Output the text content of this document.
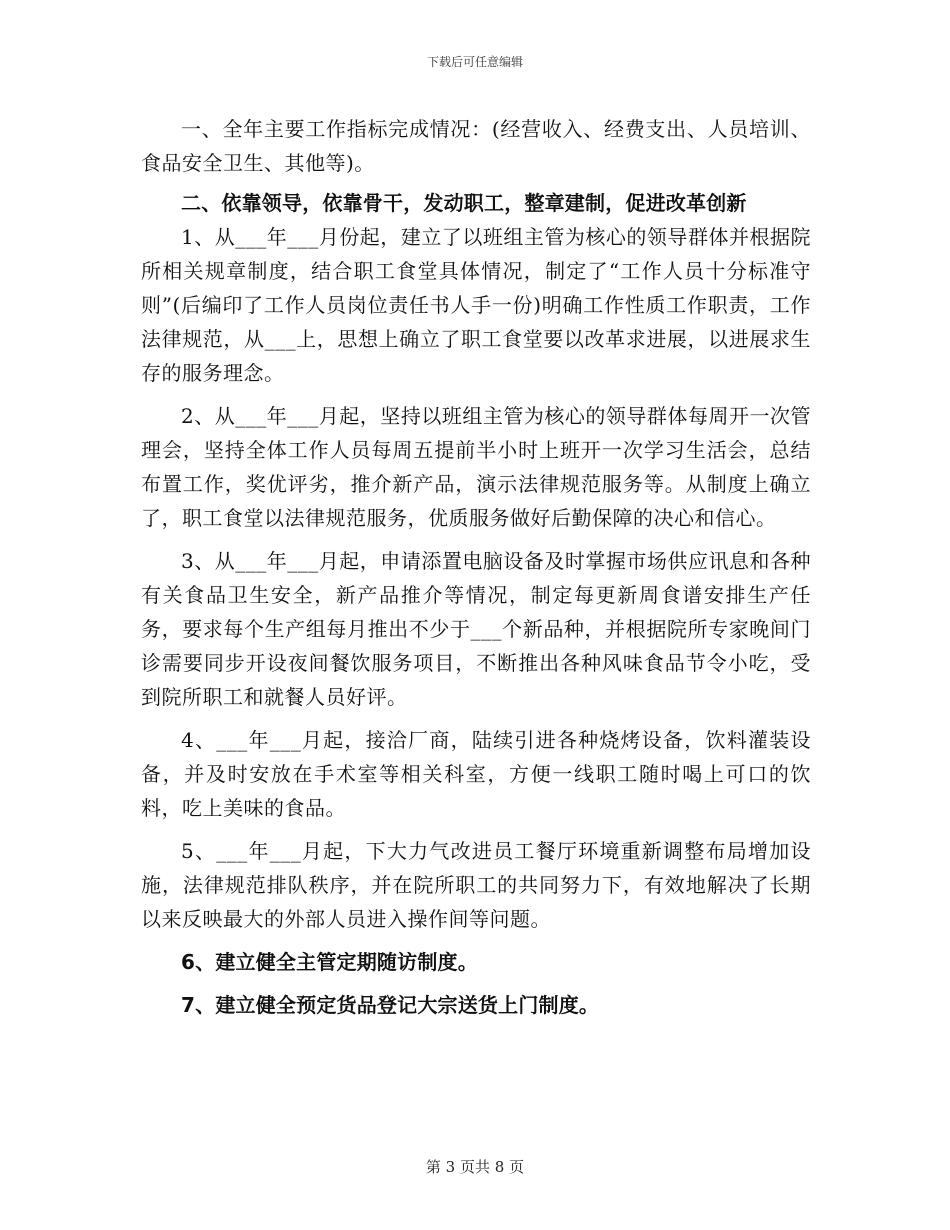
下载后可任意编辑

一、全年主要工作指标完成情况：(经营收入、经费支出、人员培训、食品安全卫生、其他等)。

二、依靠领导，依靠骨干，发动职工，整章建制，促进改革创新

1、从___年___月份起，建立了以班组主管为核心的领导群体并根据院所相关规章制度，结合职工食堂具体情况，制定了“工作人员十分标准守则”(后编印了工作人员岗位责任书人手一份)明确工作性质工作职责，工作法律规范，从___上，思想上确立了职工食堂要以改革求进展，以进展求生存的服务理念。

2、从___年___月起，坚持以班组主管为核心的领导群体每周开一次管理会，坚持全体工作人员每周五提前半小时上班开一次学习生活会，总结布置工作，奖优评劣，推介新产品，演示法律规范服务等。从制度上确立了，职工食堂以法律规范服务，优质服务做好后勤保障的决心和信心。

3、从___年___月起，申请添置电脑设备及时掌握市场供应讯息和各种有关食品卫生安全，新产品推介等情况，制定每更新周食谱安排生产任务，要求每个生产组每月推出不少于___个新品种，并根据院所专家晚间门诊需要同步开设夜间餐饮服务项目，不断推出各种风味食品节令小吃，受到院所职工和就餐人员好评。

4、___年___月起，接洽厂商，陆续引进各种烧烤设备，饮料灌装设备，并及时安放在手术室等相关科室，方便一线职工随时喝上可口的饮料，吃上美味的食品。

5、___年___月起，下大力气改进员工餐厅环境重新调整布局增加设施，法律规范排队秩序，并在院所职工的共同努力下，有效地解决了长期以来反映最大的外部人员进入操作间等问题。

6、建立健全主管定期随访制度。

7、建立健全预定货品登记大宗送货上门制度。

第 3 页共 8 页
